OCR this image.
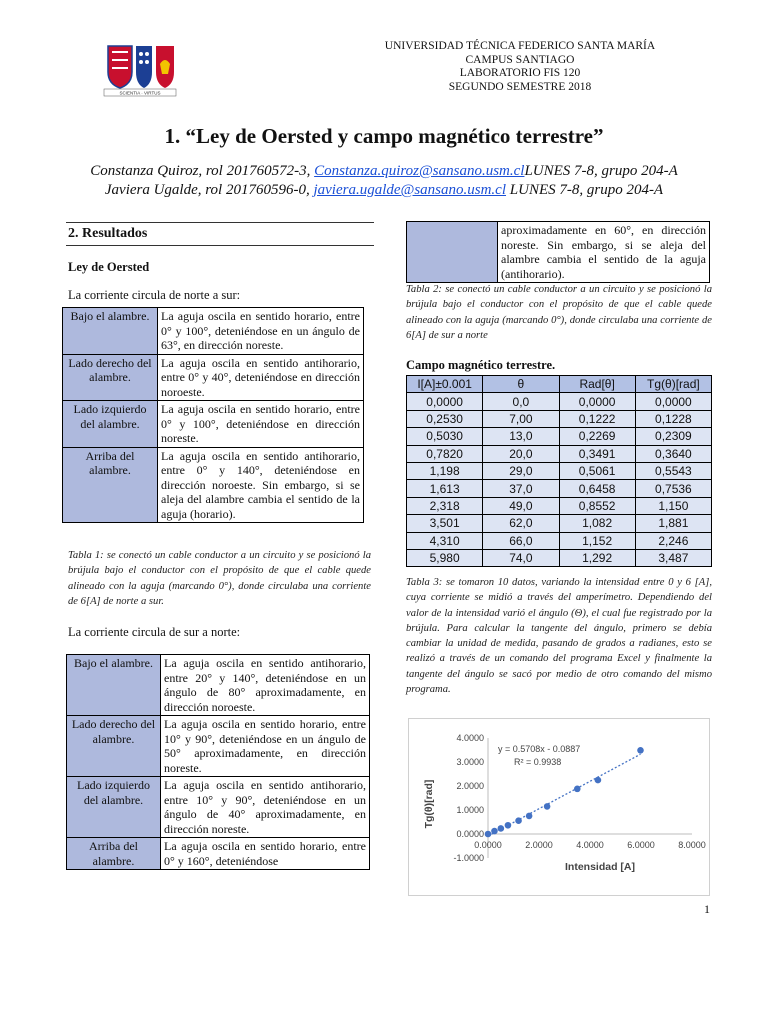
SCIENTIA · VIRTUS
UNIVERSIDAD TÉCNICA FEDERICO SANTA MARÍA
CAMPUS SANTIAGO
LABORATORIO FIS 120
SEGUNDO SEMESTRE 2018
1. “Ley de Oersted y campo magnético terrestre”
Constanza Quiroz, rol 201760572-3, Constanza.quiroz@sansano.usm.clLUNES 7-8, grupo 204-A
Javiera Ugalde, rol 201760596-0, javiera.ugalde@sansano.usm.cl LUNES 7-8, grupo 204-A
2. Resultados
Ley de Oersted
La corriente circula de norte a sur:
Bajo el alambre.	La aguja oscila en sentido horario, entre 0° y 100°, deteniéndose en un ángulo de 63°, en dirección noreste.
Lado derecho del alambre.	La aguja oscila en sentido antihorario, entre 0° y 40°, deteniéndose en dirección noroeste.
Lado izquierdo del alambre.	La aguja oscila en sentido horario, entre 0° y 100°, deteniéndose en dirección noreste.
Arriba del alambre.	La aguja oscila en sentido antihorario, entre 0° y 140°, deteniéndose en dirección noroeste. Sin embargo, si se aleja del alambre cambia el sentido de la aguja (horario).
Tabla 1: se conectó un cable conductor a un circuito y se posicionó la brújula bajo el conductor con el propósito de que el cable quede alineado con la aguja (marcando 0°), donde circulaba una corriente de 6[A] de norte a sur.
La corriente circula de sur a norte:
Bajo el alambre.	La aguja oscila en sentido antihorario, entre 20° y 140°, deteniéndose en un ángulo de 80° aproximadamente, en dirección noroeste.
Lado derecho del alambre.	La aguja oscila en sentido horario, entre 10° y 90°, deteniéndose en un ángulo de 50° aproximadamente, en dirección noreste.
Lado izquierdo del alambre.	La aguja oscila en sentido antihorario, entre 10° y 90°, deteniéndose en un ángulo de 40° aproximadamente, en dirección noreste.
Arriba del alambre.	La aguja oscila en sentido horario, entre 0° y 160°, deteniéndose
	aproximadamente en 60°, en dirección noreste. Sin embargo, si se aleja del alambre cambia el sentido de la aguja (antihorario).
Tabla 2: se conectó un cable conductor a un circuito y se posicionó la brújula bajo el conductor con el propósito de que el cable quede alineado con la aguja (marcando 0°), donde circulaba una corriente de 6[A] de sur a norte
Campo magnético terrestre.
I[A]±0.001	θ	Rad[θ]	Tg(θ)[rad]
0,0000	0,0	0,0000	0,0000
0,2530	7,00	0,1222	0,1228
0,5030	13,0	0,2269	0,2309
0,7820	20,0	0,3491	0,3640
1,198	29,0	0,5061	0,5543
1,613	37,0	0,6458	0,7536
2,318	49,0	0,8552	1,150
3,501	62,0	1,082	1,881
4,310	66,0	1,152	2,246
5,980	74,0	1,292	3,487
Tabla 3: se tomaron 10 datos, variando la intensidad entre 0 y 6 [A], cuya corriente se midió a través del amperímetro. Dependiendo del valor de la intensidad varió el ángulo (Θ), el cual fue registrado por la brújula. Para calcular la tangente del ángulo, primero se debía cambiar la unidad de medida, pasando de grados a radianes, esto se realizó a través de un comando del programa Excel y finalmente la tangente del ángulo se sacó por medio de otro comando del mismo programa.
-1.0000
0.0000
1.0000
2.0000
3.0000
4.0000
0.0000	2.0000	4.0000	6.0000	8.0000
y = 0.5708x - 0.0887
R² = 0.9938
Intensidad [A]
Tg(θ)[rad]
1
